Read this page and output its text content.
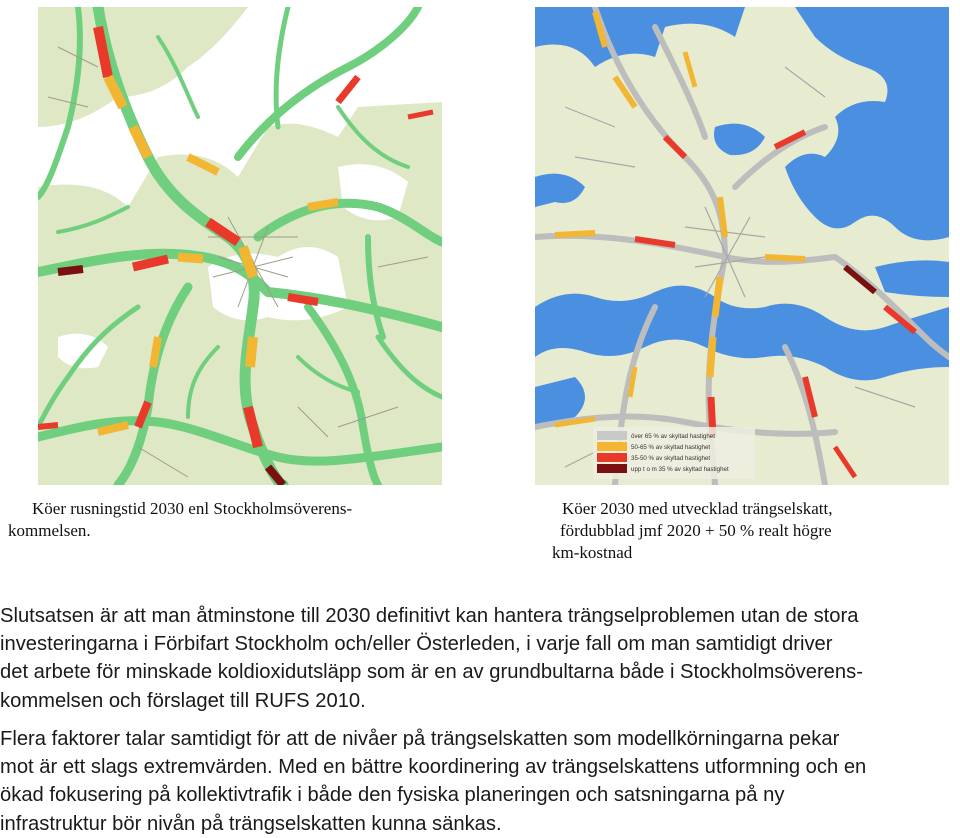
över 65 % av skyltad hastighet
50-65 % av skyltad hastighet
35-50 % av skyltad hastighet
upp t o m 35 % av skyltad hastighet
Köer rusningstid 2030 enl Stockholmsöverens-
kommelsen.
Köer 2030 med utvecklad trängselskatt,
fördubblad jmf 2020 + 50 % realt högre
km-kostnad
Slutsatsen är att man åtminstone till 2030 definitivt kan hantera trängselproblemen utan de stora
investeringarna i Förbifart Stockholm och/eller Österleden, i varje fall om man samtidigt driver
det arbete för minskade koldioxidutsläpp som är en av grundbultarna både i Stockholmsöverens-
kommelsen och förslaget till RUFS 2010.
Flera faktorer talar samtidigt för att de nivåer på trängselskatten som modellkörningarna pekar
mot är ett slags extremvärden. Med en bättre koordinering av trängselskattens utformning och en
ökad fokusering på kollektivtrafik i både den fysiska planeringen och satsningarna på ny
infrastruktur bör nivån på trängselskatten kunna sänkas.
